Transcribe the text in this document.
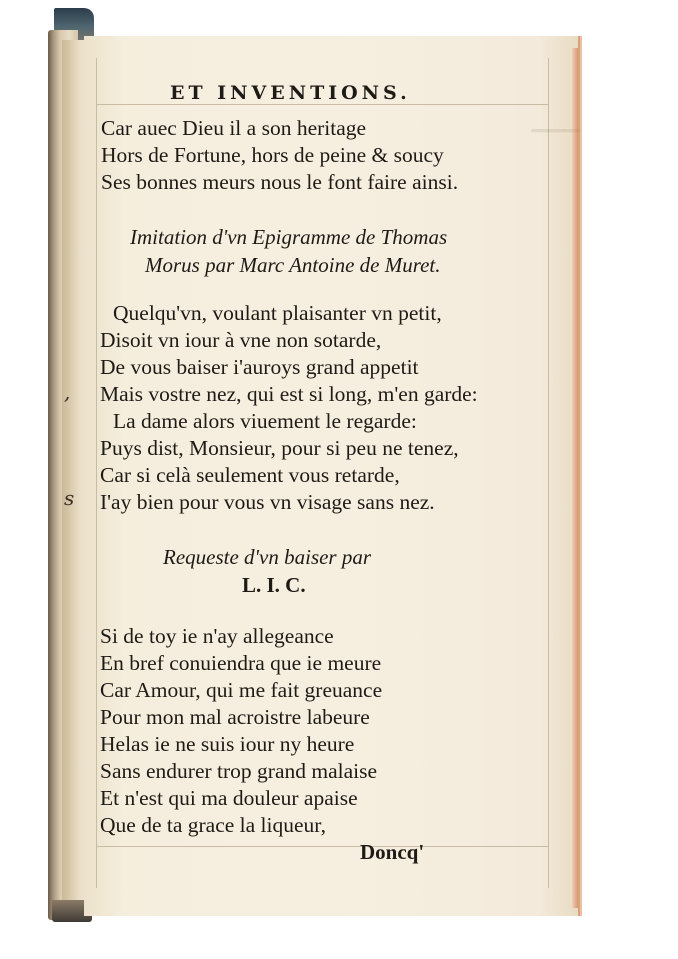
,
s
▁▁▁
ET INVENTIONS.
Car auec Dieu il a son heritage
Hors de Fortune, hors de peine & soucy
Ses bonnes meurs nous le font faire ainsi.
Imitation d'vn Epigramme de Thomas
Morus par Marc Antoine de Muret.
Quelqu'vn, voulant plaisanter vn petit,
Disoit vn iour à vne non sotarde,
De vous baiser i'auroys grand appetit
Mais vostre nez, qui est si long, m'en garde:
La dame alors viuement le regarde:
Puys dist, Monsieur, pour si peu ne tenez,
Car si celà seulement vous retarde,
I'ay bien pour vous vn visage sans nez.
Requeste d'vn baiser par
L. I. C.
Si de toy ie n'ay allegeance
En bref conuiendra que ie meure
Car Amour, qui me fait greuance
Pour mon mal acroistre labeure
Helas ie ne suis iour ny heure
Sans endurer trop grand malaise
Et n'est qui ma douleur apaise
Que de ta grace la liqueur,
Doncq'
